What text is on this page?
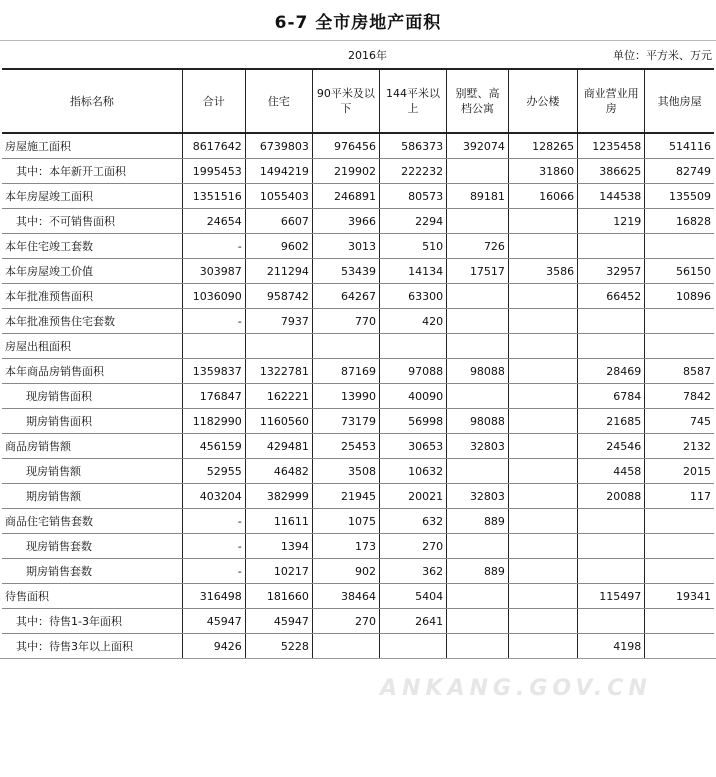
6-7 全市房地产面积
2016年	单位：平方米、万元
指标名称	合计	住宅	90平米及以下	144平米以上	别墅、高档公寓	办公楼	商业营业用房	其他房屋
房屋施工面积	8617642	6739803	976456	586373	392074	128265	1235458	514116
其中：本年新开工面积	1995453	1494219	219902	222232		31860	386625	82749
本年房屋竣工面积	1351516	1055403	246891	80573	89181	16066	144538	135509
其中：不可销售面积	24654	6607	3966	2294			1219	16828
本年住宅竣工套数	-	9602	3013	510	726			
本年房屋竣工价值	303987	211294	53439	14134	17517	3586	32957	56150
本年批准预售面积	1036090	958742	64267	63300			66452	10896
本年批准预售住宅套数	-	7937	770	420				
房屋出租面积								
本年商品房销售面积	1359837	1322781	87169	97088	98088		28469	8587
现房销售面积	176847	162221	13990	40090			6784	7842
期房销售面积	1182990	1160560	73179	56998	98088		21685	745
商品房销售额	456159	429481	25453	30653	32803		24546	2132
现房销售额	52955	46482	3508	10632			4458	2015
期房销售额	403204	382999	21945	20021	32803		20088	117
商品住宅销售套数	-	11611	1075	632	889			
现房销售套数	-	1394	173	270				
期房销售套数	-	10217	902	362	889			
待售面积	316498	181660	38464	5404			115497	19341
其中：待售1-3年面积	45947	45947	270	2641				
其中：待售3年以上面积	9426	5228					4198	
ANKANG.GOV.CN
